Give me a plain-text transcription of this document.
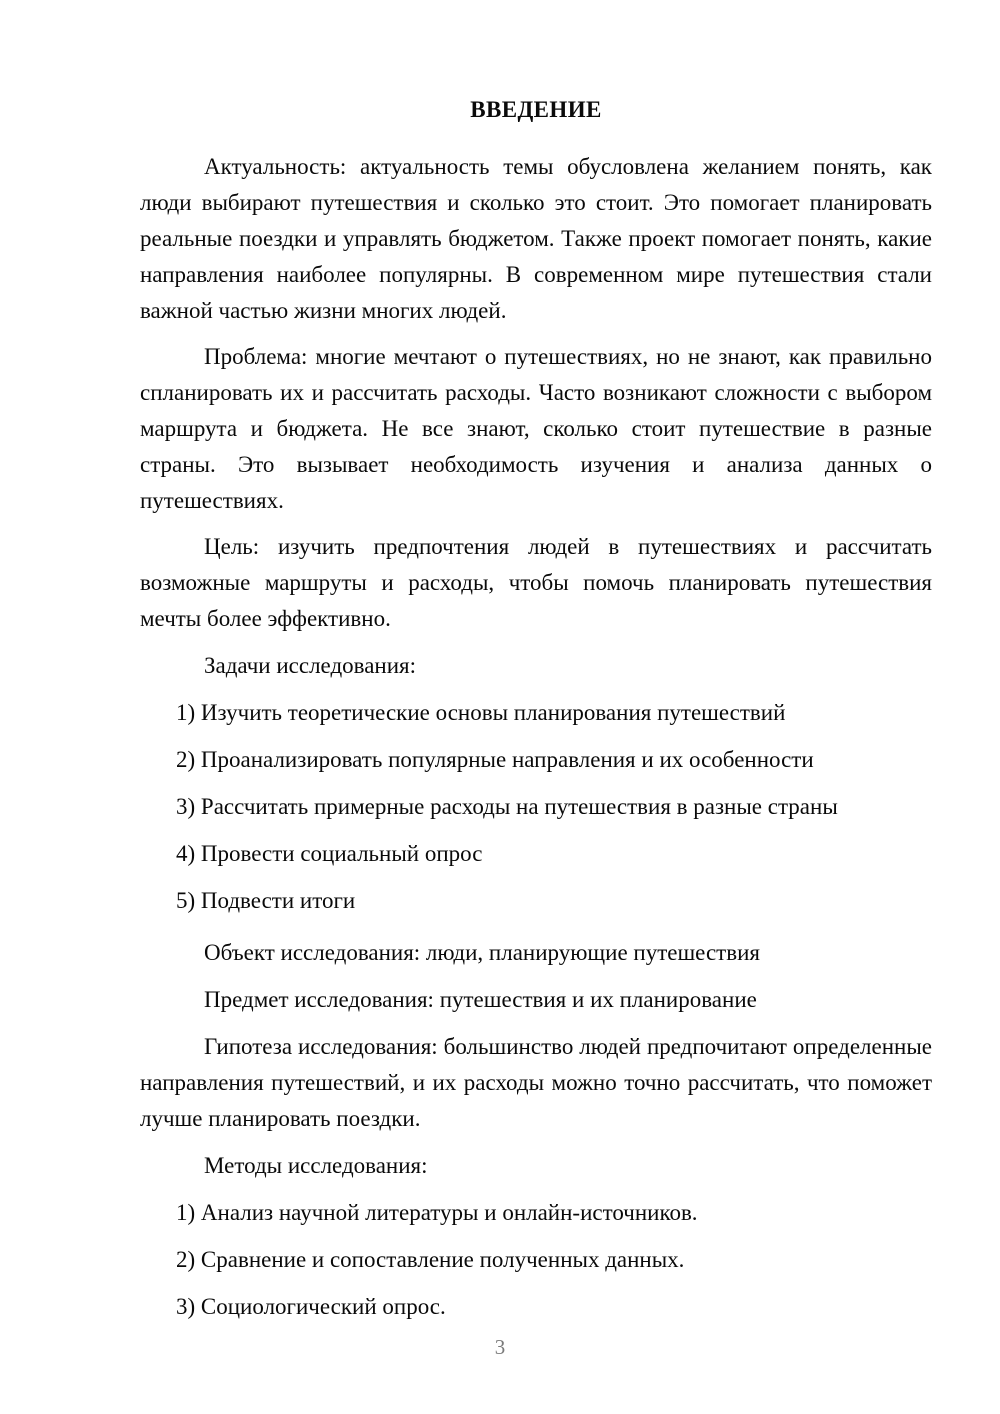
ВВЕДЕНИЕ

Актуальность: актуальность темы обусловлена желанием понять, как люди выбирают путешествия и сколько это стоит. Это помогает планировать реальные поездки и управлять бюджетом. Также проект помогает понять, какие направления наиболее популярны. В современном мире путешествия стали важной частью жизни многих людей.

Проблема: многие мечтают о путешествиях, но не знают, как правильно спланировать их и рассчитать расходы. Часто возникают сложности с выбором маршрута и бюджета. Не все знают, сколько стоит путешествие в разные страны. Это вызывает необходимость изучения и анализа данных о путешествиях.

Цель: изучить предпочтения людей в путешествиях и рассчитать возможные маршруты и расходы, чтобы помочь планировать путешествия мечты более эффективно.

Задачи исследования:

1) Изучить теоретические основы планирования путешествий
2) Проанализировать популярные направления и их особенности
3) Рассчитать примерные расходы на путешествия в разные страны
4) Провести социальный опрос
5) Подвести итоги

Объект исследования: люди, планирующие путешествия

Предмет исследования: путешествия и их планирование

Гипотеза исследования: большинство людей предпочитают определенные направления путешествий, и их расходы можно точно рассчитать, что поможет лучше планировать поездки.

Методы исследования:

1) Анализ научной литературы и онлайн-источников.
2) Сравнение и сопоставление полученных данных.
3) Социологический опрос.
3
